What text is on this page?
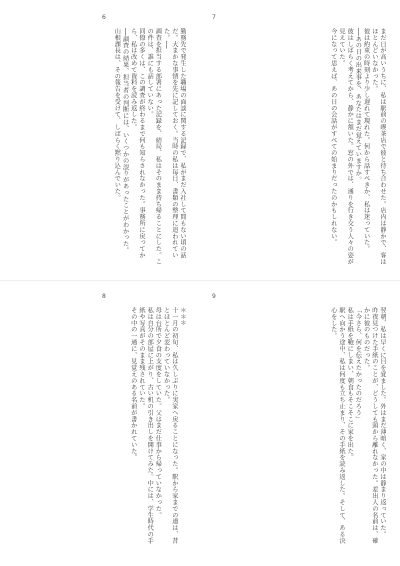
6
勤務先で発生した職場の面談に関する記録で、私がまだ入社して間もない頃の話だ。大まかな事情を先に記しておく。当時の私は毎日、書類の整理に追われていた。──
調査を担当する部署にあった記録を、結局、私はそのまま持ち帰ることにした。この件は、誰にも話していない。
同僚の多くは、この調査が終わるまで何も知らされなかった。事務所に戻ってから、私は改めて資料を読み返した。
──調査の結果、担当者の判断には、いくつかの誤りがあったことがわかった。
山根課長は、その報告を受けて、しばらく黙り込んでいた。
7
まだ日が高いうちに、私は駅前の喫茶店で彼と待ち合わせた。店内は静かで、客はほとんどいなかった。
彼は約束の時刻より少し遅れて現れた。何から話すべきか、私は迷っていた。
──あの日の出来事を、あなたはまだ覚えていますか。
彼はしばらく考えてから、静かに頷いた。窓の外では、通りを行き交う人々の姿が見えていた。
今になって思えば、あの日の会話がすべての始まりだったのかもしれない。
8
＊＊＊
十一月の初旬、私は久しぶりに実家へ戻ることになった。駅から家までの道は、昔とほとんど変わっていなかった。
母は台所で夕食の支度をしていた。父はまだ仕事から帰っていなかった。
私は自分の部屋に上がり、古い机の引き出しを開けてみた。中には、学生時代の手紙や写真がそのまま残されていた。
その中の一通に、見覚えのある名前が書かれていた。
9
翌朝、私は早くに目を覚ました。外はまだ薄暗く、家の中は静まり返っていた。
昨夜見つけた手紙のことが、どうしても頭から離れなかった。差出人の名前は、確かに彼のものだった。
「今さら、何を伝えたかったのだろう」
私は手紙を鞄にしまい、朝食もそこそこに家を出た。
駅へ向かう途中、私は何度も立ち止まり、その手紙を読み返した。そして、ある決心をした。
